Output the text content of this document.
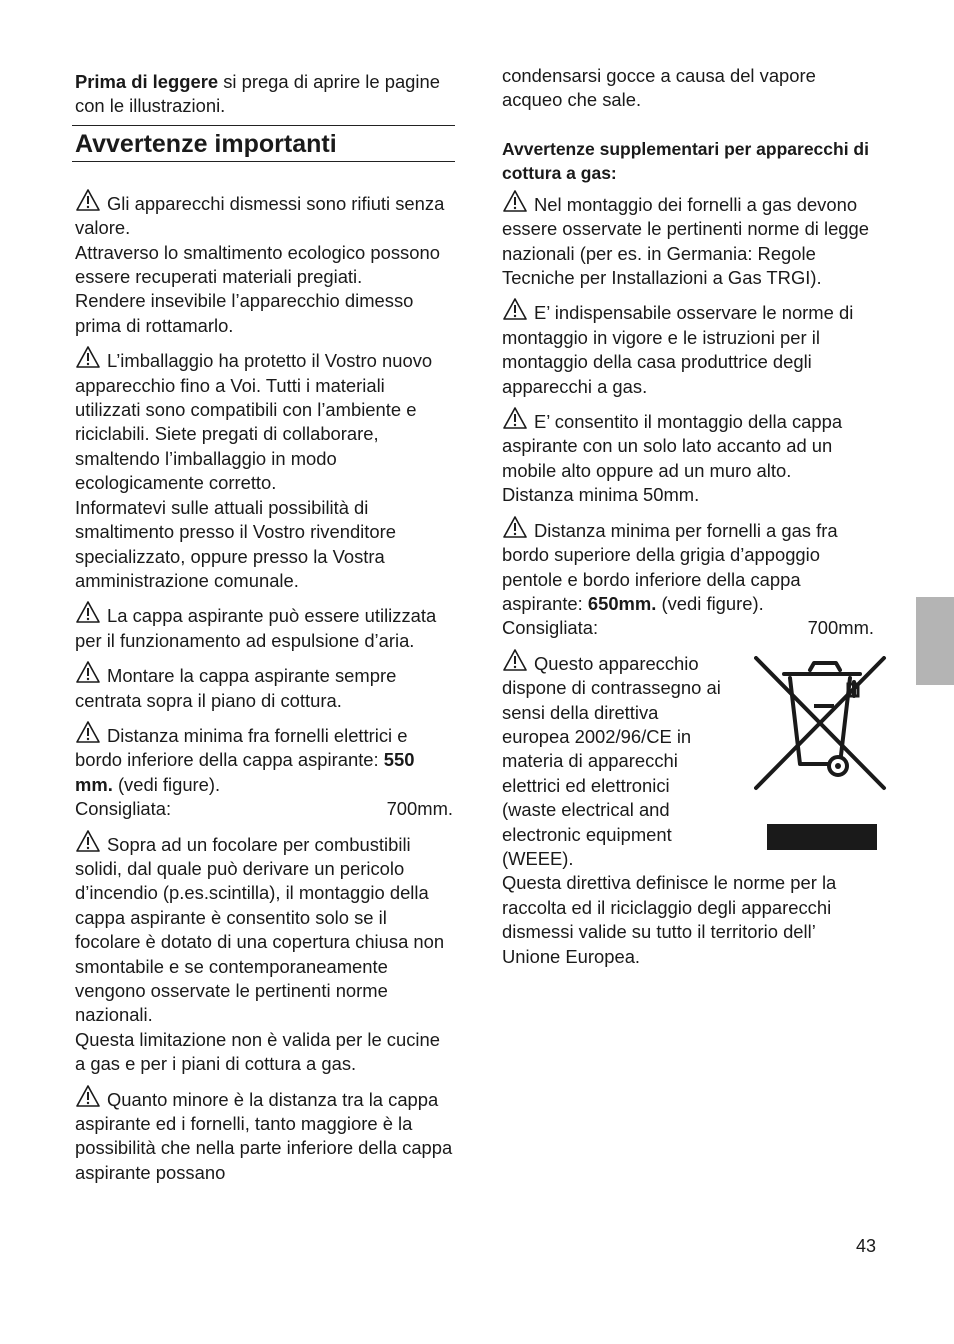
Prima di leggere si prega di aprire le pagine con le illustrazioni.

Avvertenze importanti

Gli apparecchi dismessi sono rifiuti senza valore.

Attraverso lo smaltimento ecologico possono essere recuperati materiali pregiati.

Rendere insevibile l’apparecchio dimesso prima di rottamarlo.

L’imballaggio ha protetto il Vostro nuovo apparecchio fino a Voi. Tutti i materiali utilizzati sono compatibili con l’ambiente e riciclabili. Siete pregati di collaborare, smaltendo l’imballaggio in modo ecologicamente corretto.

Informatevi sulle attuali possibilità di smaltimento presso il Vostro rivenditore specializzato, oppure presso la Vostra amministrazione comunale.

La cappa aspirante può essere utilizzata per il funzionamento ad espulsione d’aria.

Montare la cappa aspirante sempre centrata sopra il piano di cottura.

Distanza minima fra fornelli elettrici e bordo inferiore della cappa aspirante: 550 mm. (vedi figure).

Consigliata:	700mm.

Sopra ad un focolare per combustibili solidi, dal quale può derivare un pericolo d’incendio (p.es.scintilla), il montaggio della cappa aspirante è consentito solo se il focolare è dotato di una copertura chiusa non smontabile e se contemporaneamente vengono osservate le pertinenti norme nazionali.

Questa limitazione non è valida per le cucine a gas e per i piani di cottura a gas.

Quanto minore è la distanza tra la cappa aspirante ed i fornelli, tanto maggiore è la possibilità che nella parte inferiore della cappa aspirante possano

condensarsi gocce a causa del vapore acqueo che sale.

Avvertenze supplementari per apparecchi di cottura a gas:

Nel montaggio dei fornelli a gas devono essere osservate le pertinenti norme di legge nazionali (per es. in Germania: Regole Tecniche per Installazioni a Gas TRGI).

E’ indispensabile osservare le norme di montaggio in vigore e le istruzioni per il montaggio della casa produttrice degli apparecchi a gas.

E’ consentito il montaggio della cappa aspirante con un solo lato accanto ad un mobile alto oppure ad un muro alto.

Distanza minima 50mm.

Distanza minima per fornelli a gas fra bordo superiore della grigia d’appoggio pentole e bordo inferiore della cappa aspirante: 650mm. (vedi figure).

Consigliata:	700mm.

Questo apparecchio dispone di contrassegno ai sensi della direttiva europea 2002/96/CE in materia di apparecchi elettrici ed elettronici (waste electrical and electronic equipment (WEEE).

Questa direttiva definisce le norme per la raccolta ed il riciclaggio degli apparecchi dismessi valide su tutto il territorio dell’ Unione Europea.

43
